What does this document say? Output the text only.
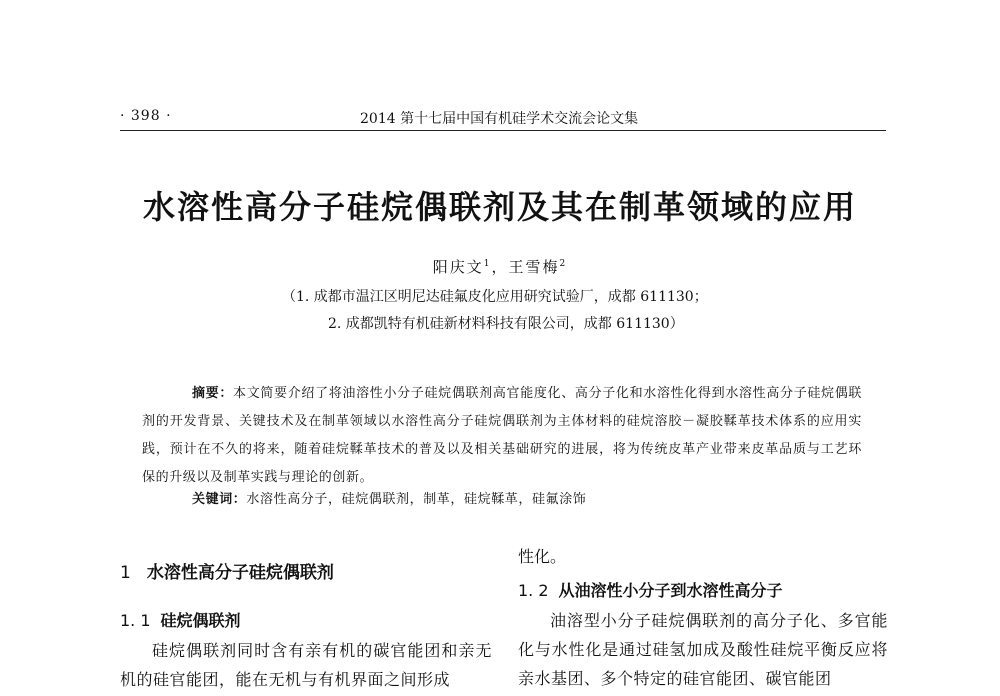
· 398 ·	2014 第十七届中国有机硅学术交流会论文集
水溶性高分子硅烷偶联剂及其在制革领域的应用
阳庆文$^1$，王雪梅$^2$
（1. 成都市温江区明尼达硅氟皮化应用研究试验厂，成都 611130；
2. 成都凯特有机硅新材料科技有限公司，成都 611130）
摘要：本文简要介绍了将油溶性小分子硅烷偶联剂高官能度化、高分子化和水溶性化得到水溶性高分子硅烷偶联剂的开发背景、关键技术及在制革领域以水溶性高分子硅烷偶联剂为主体材料的硅烷溶胶－凝胶鞣革技术体系的应用实践，预计在不久的将来，随着硅烷鞣革技术的普及以及相关基础研究的进展，将为传统皮革产业带来皮革品质与工艺环保的升级以及制革实践与理论的创新。
关键词：水溶性高分子，硅烷偶联剂，制革，硅烷鞣革，硅氟涂饰
1 水溶性高分子硅烷偶联剂
1. 1 硅烷偶联剂
硅烷偶联剂同时含有亲有机的碳官能团和亲无机的硅官能团，能在无机与有机界面之间形成
性化。
1. 2 从油溶性小分子到水溶性高分子
油溶型小分子硅烷偶联剂的高分子化、多官能化与水性化是通过硅氢加成及酸性硅烷平衡反应将亲水基团、多个特定的硅官能团、碳官能团
